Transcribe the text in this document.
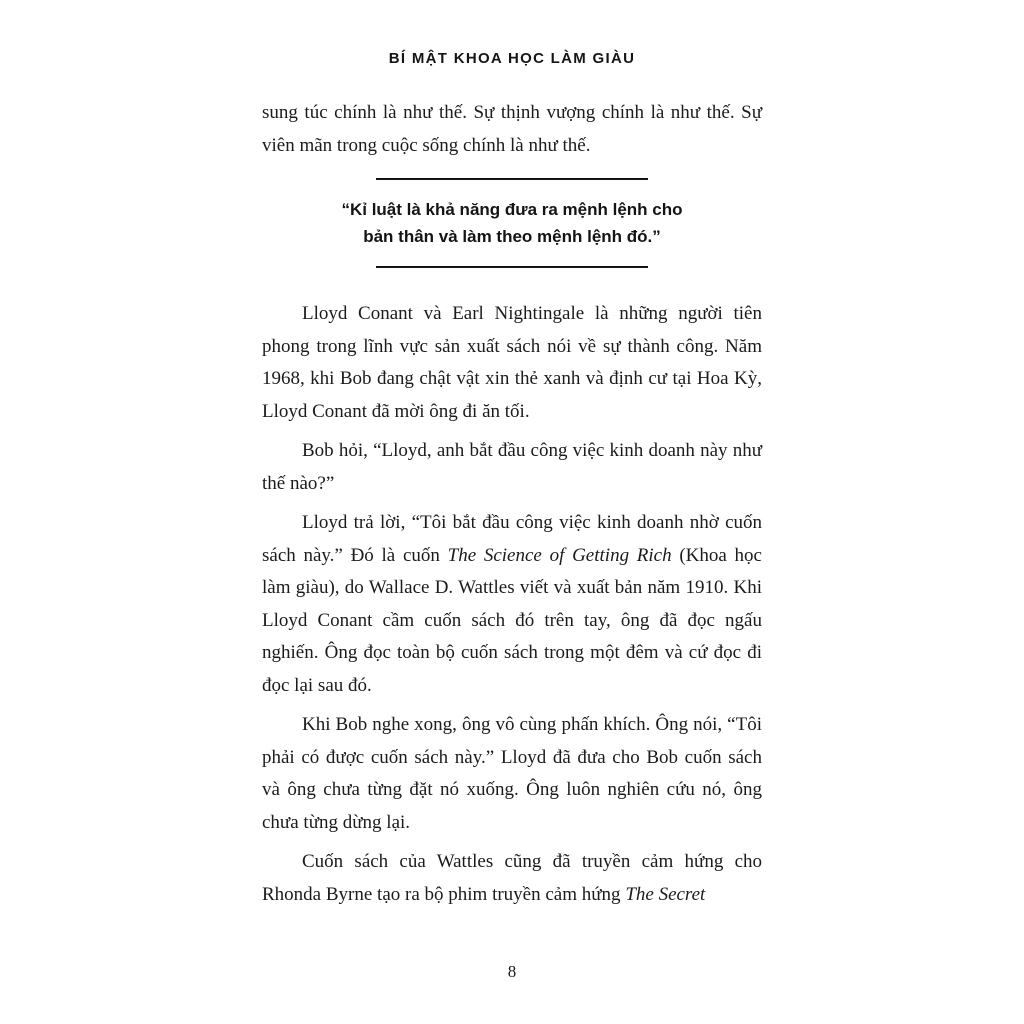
BÍ MẬT KHOA HỌC LÀM GIÀU

sung túc chính là như thế. Sự thịnh vượng chính là như thế. Sự viên mãn trong cuộc sống chính là như thế.

“Kỉ luật là khả năng đưa ra mệnh lệnh cho
bản thân và làm theo mệnh lệnh đó.”

Lloyd Conant và Earl Nightingale là những người tiên phong trong lĩnh vực sản xuất sách nói về sự thành công. Năm 1968, khi Bob đang chật vật xin thẻ xanh và định cư tại Hoa Kỳ, Lloyd Conant đã mời ông đi ăn tối.

Bob hỏi, “Lloyd, anh bắt đầu công việc kinh doanh này như thế nào?”

Lloyd trả lời, “Tôi bắt đầu công việc kinh doanh nhờ cuốn sách này.” Đó là cuốn The Science of Getting Rich (Khoa học làm giàu), do Wallace D. Wattles viết và xuất bản năm 1910. Khi Lloyd Conant cầm cuốn sách đó trên tay, ông đã đọc ngấu nghiến. Ông đọc toàn bộ cuốn sách trong một đêm và cứ đọc đi đọc lại sau đó.

Khi Bob nghe xong, ông vô cùng phấn khích. Ông nói, “Tôi phải có được cuốn sách này.” Lloyd đã đưa cho Bob cuốn sách và ông chưa từng đặt nó xuống. Ông luôn nghiên cứu nó, ông chưa từng dừng lại.

Cuốn sách của Wattles cũng đã truyền cảm hứng cho Rhonda Byrne tạo ra bộ phim truyền cảm hứng The Secret

8
